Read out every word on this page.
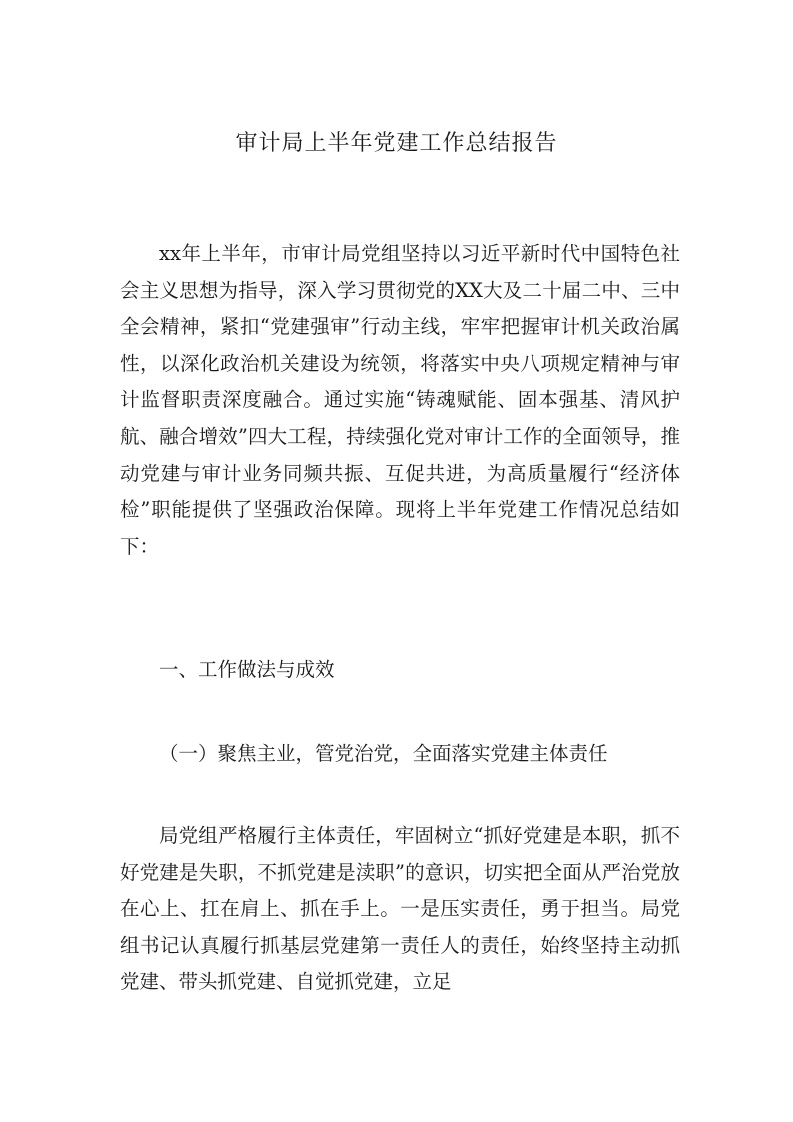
审计局上半年党建工作总结报告

xx年上半年，市审计局党组坚持以习近平新时代中国特色社会主义思想为指导，深入学习贯彻党的XX大及二十届二中、三中全会精神，紧扣“党建强审”行动主线，牢牢把握审计机关政治属性，以深化政治机关建设为统领，将落实中央八项规定精神与审计监督职责深度融合。通过实施“铸魂赋能、固本强基、清风护航、融合增效”四大工程，持续强化党对审计工作的全面领导，推动党建与审计业务同频共振、互促共进，为高质量履行“经济体检”职能提供了坚强政治保障。现将上半年党建工作情况总结如下：

一、工作做法与成效
（一）聚焦主业，管党治党，全面落实党建主体责任

局党组严格履行主体责任，牢固树立“抓好党建是本职，抓不好党建是失职，不抓党建是渎职”的意识，切实把全面从严治党放在心上、扛在肩上、抓在手上。一是压实责任，勇于担当。局党组书记认真履行抓基层党建第一责任人的责任，始终坚持主动抓党建、带头抓党建、自觉抓党建，立足
